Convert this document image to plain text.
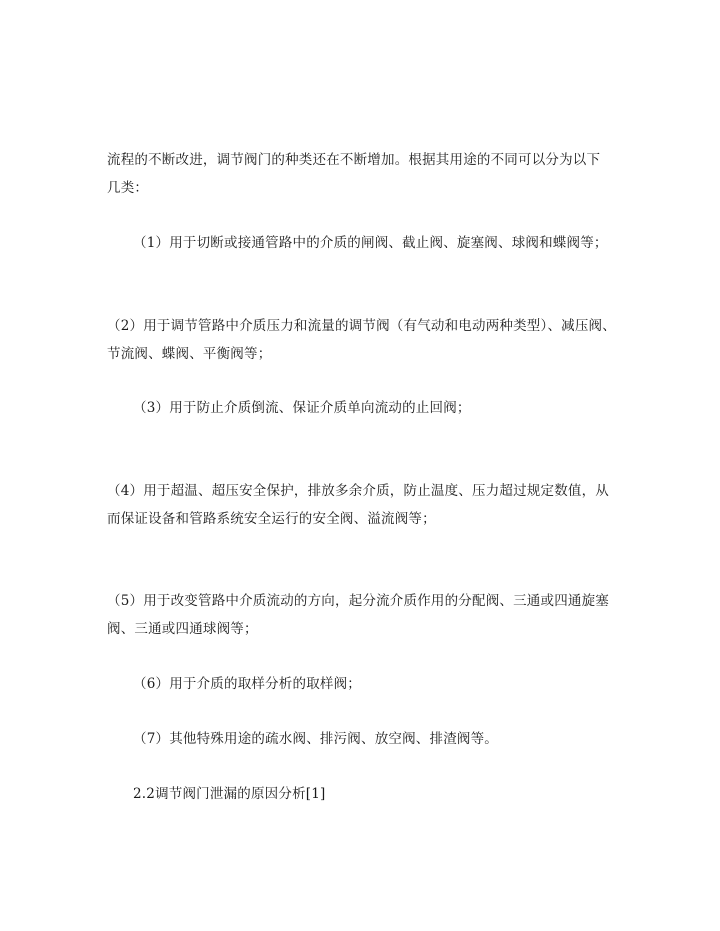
流程的不断改进，调节阀门的种类还在不断增加。根据其用途的不同可以分为以下
几类：
（1）用于切断或接通管路中的介质的闸阀、截止阀、旋塞阀、球阀和蝶阀等；
（2）用于调节管路中介质压力和流量的调节阀（有气动和电动两种类型）、减压阀、
节流阀、蝶阀、平衡阀等；
（3）用于防止介质倒流、保证介质单向流动的止回阀；
（4）用于超温、超压安全保护，排放多余介质，防止温度、压力超过规定数值，从
而保证设备和管路系统安全运行的安全阀、溢流阀等；
（5）用于改变管路中介质流动的方向，起分流介质作用的分配阀、三通或四通旋塞
阀、三通或四通球阀等；
（6）用于介质的取样分析的取样阀；
（7）其他特殊用途的疏水阀、排污阀、放空阀、排渣阀等。
2.2调节阀门泄漏的原因分析[1]
